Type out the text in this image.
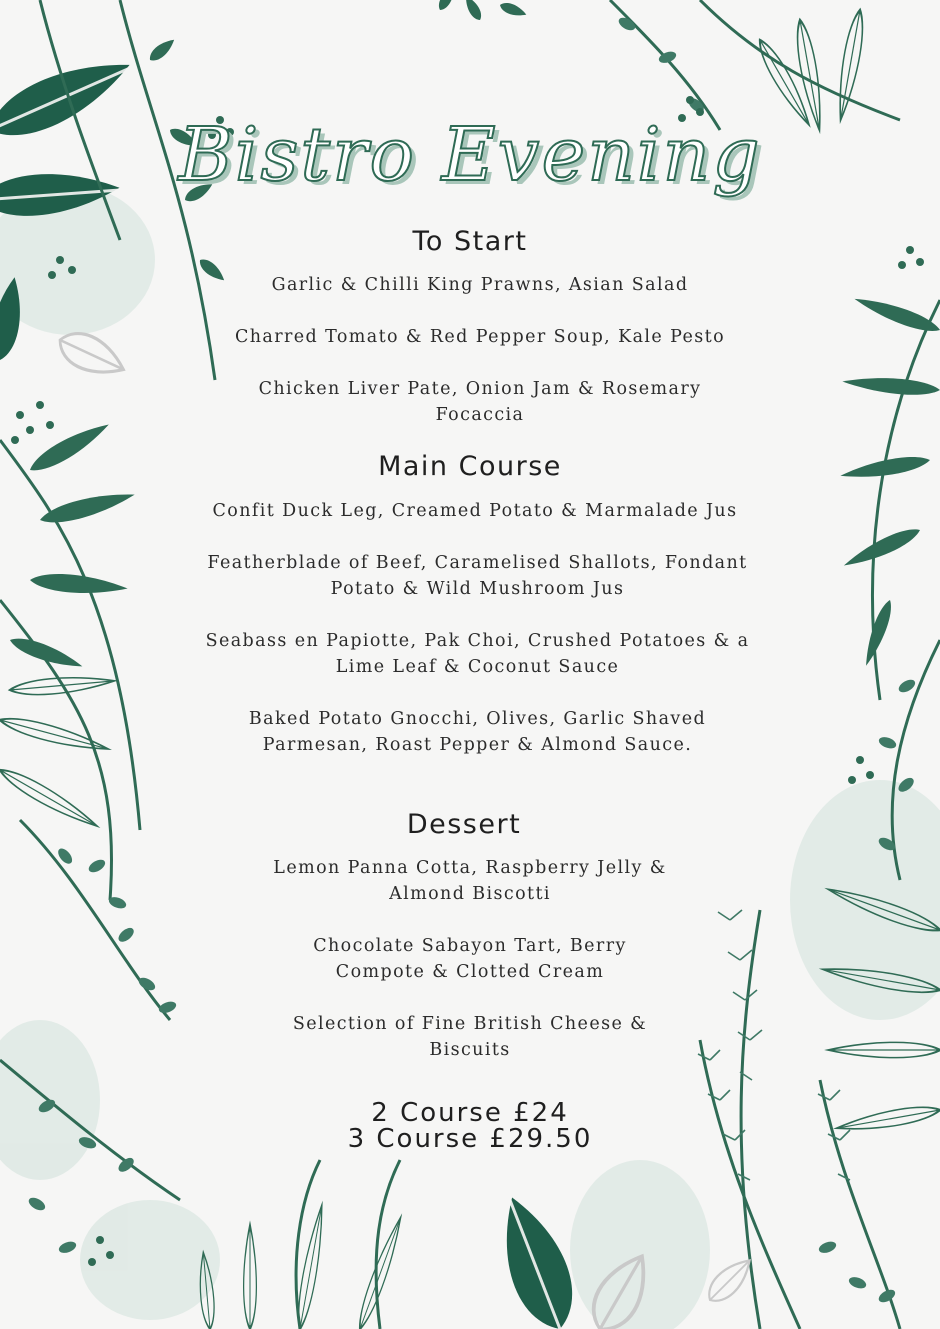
Bistro Evening
To Start
Garlic & Chilli King Prawns, Asian Salad
Charred Tomato & Red Pepper Soup, Kale Pesto
Chicken Liver Pate, Onion Jam & Rosemary Focaccia
Main Course
Confit Duck Leg, Creamed Potato & Marmalade Jus
Featherblade of Beef, Caramelised Shallots, Fondant Potato & Wild Mushroom Jus
Seabass en Papiotte, Pak Choi, Crushed Potatoes & a Lime Leaf & Coconut Sauce
Baked Potato Gnocchi, Olives, Garlic Shaved Parmesan, Roast Pepper & Almond Sauce.
Dessert
Lemon Panna Cotta, Raspberry Jelly & Almond Biscotti
Chocolate Sabayon Tart, Berry Compote & Clotted Cream
Selection of Fine British Cheese & Biscuits
2 Course £24
3 Course £29.50
